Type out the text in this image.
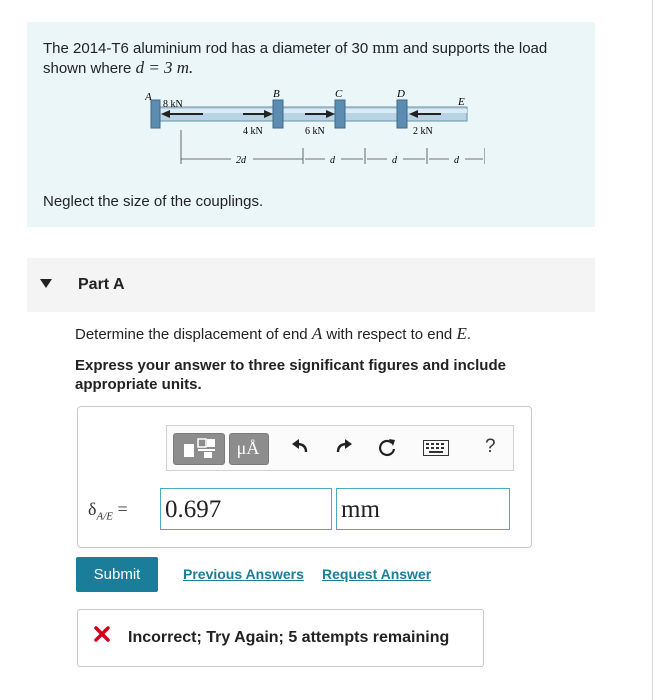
The 2014-T6 aluminium rod has a diameter of 30 mm and supports the load
shown where d = 3 m.
A	B	C	D
E
8 kN
4 kN	6 kN	2 kN
2d	d	d	d
Neglect the size of the couplings.
Part A
Determine the displacement of end A with respect to end E.
Express your answer to three significant figures and include appropriate units.
μÅ	?
$\delta_{A/E} = 0.697$	mm
Submit	Previous Answers Request Answer
Incorrect; Try Again; 5 attempts remaining
